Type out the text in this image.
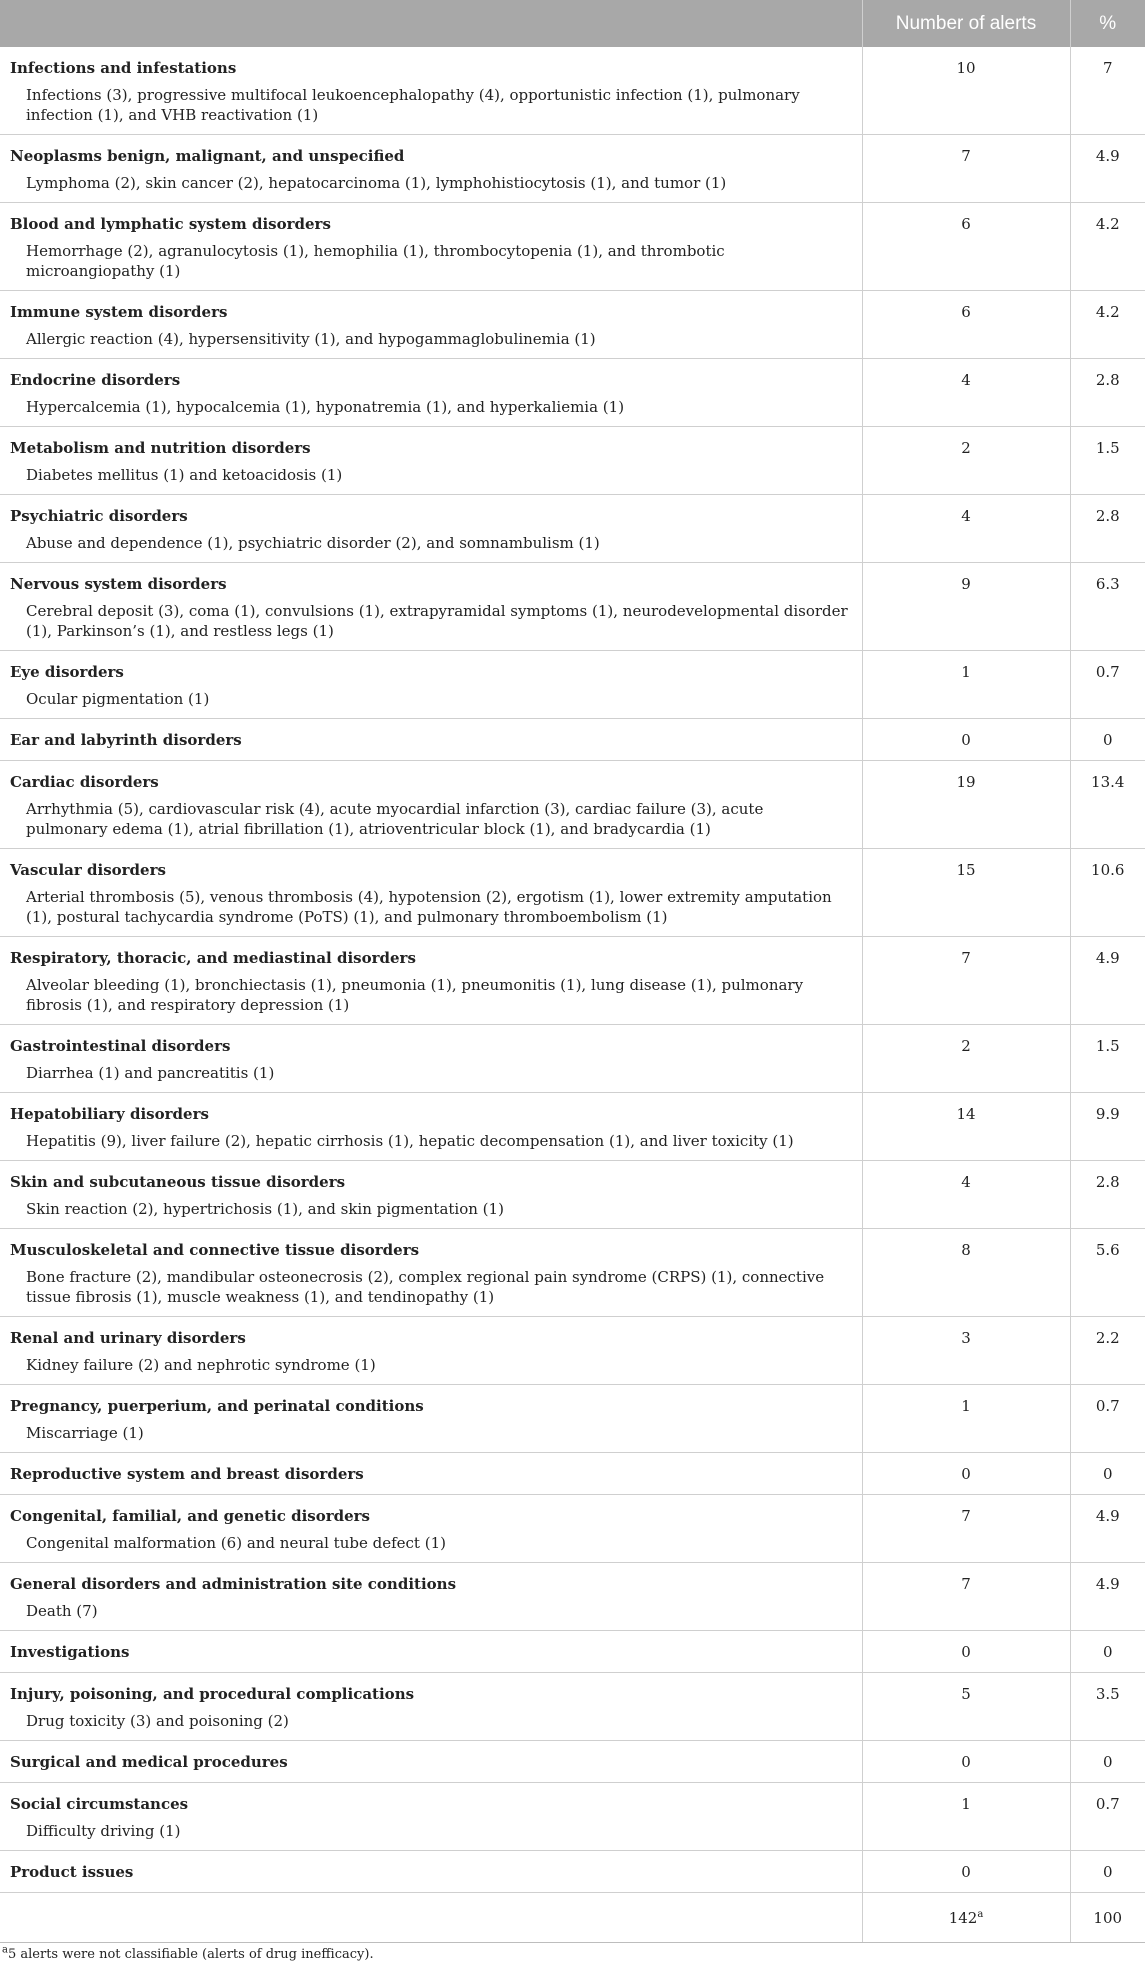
	Number of alerts	%

Infections and infestations
Infections (3), progressive multifocal leukoencephalopathy (4), opportunistic infection (1), pulmonary infection (1), and VHB reactivation (1)	10	7

Neoplasms benign, malignant, and unspecified
Lymphoma (2), skin cancer (2), hepatocarcinoma (1), lymphohistiocytosis (1), and tumor (1)	7	4.9

Blood and lymphatic system disorders
Hemorrhage (2), agranulocytosis (1), hemophilia (1), thrombocytopenia (1), and thrombotic microangiopathy (1)	6	4.2

Immune system disorders
Allergic reaction (4), hypersensitivity (1), and hypogammaglobulinemia (1)	6	4.2

Endocrine disorders
Hypercalcemia (1), hypocalcemia (1), hyponatremia (1), and hyperkaliemia (1)	4	2.8

Metabolism and nutrition disorders
Diabetes mellitus (1) and ketoacidosis (1)	2	1.5

Psychiatric disorders
Abuse and dependence (1), psychiatric disorder (2), and somnambulism (1)	4	2.8

Nervous system disorders
Cerebral deposit (3), coma (1), convulsions (1), extrapyramidal symptoms (1), neurodevelopmental disorder (1), Parkinson’s (1), and restless legs (1)	9	6.3

Eye disorders
Ocular pigmentation (1)	1	0.7

Ear and labyrinth disorders	0	0

Cardiac disorders
Arrhythmia (5), cardiovascular risk (4), acute myocardial infarction (3), cardiac failure (3), acute pulmonary edema (1), atrial fibrillation (1), atrioventricular block (1), and bradycardia (1)	19	13.4

Vascular disorders
Arterial thrombosis (5), venous thrombosis (4), hypotension (2), ergotism (1), lower extremity amputation (1), postural tachycardia syndrome (PoTS) (1), and pulmonary thromboembolism (1)	15	10.6

Respiratory, thoracic, and mediastinal disorders
Alveolar bleeding (1), bronchiectasis (1), pneumonia (1), pneumonitis (1), lung disease (1), pulmonary fibrosis (1), and respiratory depression (1)	7	4.9

Gastrointestinal disorders
Diarrhea (1) and pancreatitis (1)	2	1.5

Hepatobiliary disorders
Hepatitis (9), liver failure (2), hepatic cirrhosis (1), hepatic decompensation (1), and liver toxicity (1)	14	9.9

Skin and subcutaneous tissue disorders
Skin reaction (2), hypertrichosis (1), and skin pigmentation (1)	4	2.8

Musculoskeletal and connective tissue disorders
Bone fracture (2), mandibular osteonecrosis (2), complex regional pain syndrome (CRPS) (1), connective tissue fibrosis (1), muscle weakness (1), and tendinopathy (1)	8	5.6

Renal and urinary disorders
Kidney failure (2) and nephrotic syndrome (1)	3	2.2

Pregnancy, puerperium, and perinatal conditions
Miscarriage (1)	1	0.7

Reproductive system and breast disorders	0	0

Congenital, familial, and genetic disorders
Congenital malformation (6) and neural tube defect (1)	7	4.9

General disorders and administration site conditions
Death (7)	7	4.9

Investigations	0	0

Injury, poisoning, and procedural complications
Drug toxicity (3) and poisoning (2)	5	3.5

Surgical and medical procedures	0	0

Social circumstances
Difficulty driving (1)	1	0.7

Product issues	0	0
	142$^a$	100
$^a$5 alerts were not classifiable (alerts of drug inefficacy).
